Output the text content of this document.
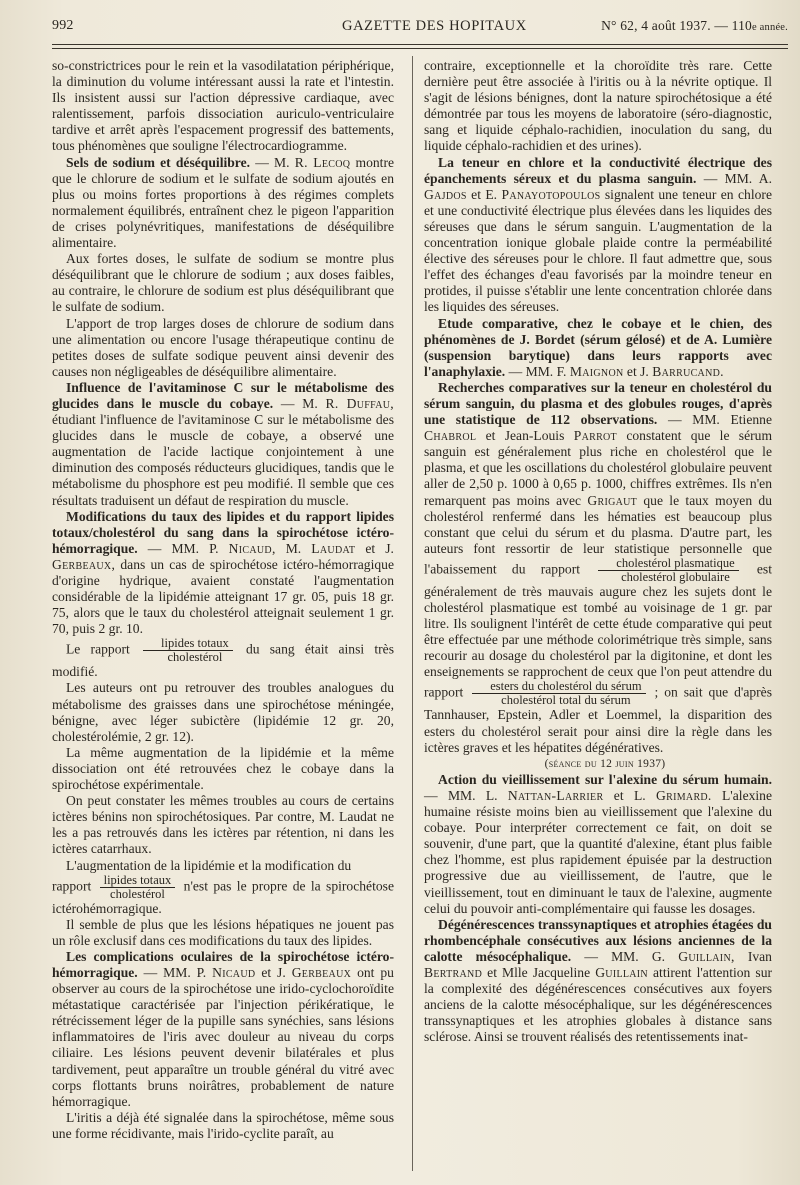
992	GAZETTE DES HOPITAUX	N° 62, 4 août 1937. — 110e année.

so-constrictrices pour le rein et la vasodilatation périphérique, la diminution du volume intéressant aussi la rate et l'intestin. Ils insistent aussi sur l'action dépressive cardiaque, avec ralentissement, parfois dissociation auriculo-ventriculaire tardive et arrêt après l'espacement progressif des battements, tous phénomènes que souligne l'électrocardiogramme.

Sels de sodium et déséquilibre. — M. R. Lecoq montre que le chlorure de sodium et le sulfate de sodium ajoutés en plus ou moins fortes proportions à des régimes complets normalement équilibrés, entraînent chez le pigeon l'apparition de crises polynévritiques, manifestations de déséquilibre alimentaire.

Aux fortes doses, le sulfate de sodium se montre plus déséquilibrant que le chlorure de sodium ; aux doses faibles, au contraire, le chlorure de sodium est plus déséquilibrant que le sulfate de sodium.

L'apport de trop larges doses de chlorure de sodium dans une alimentation ou encore l'usage thérapeutique continu de petites doses de sulfate sodique peuvent ainsi devenir des causes non négligeables de déséquilibre alimentaire.

Influence de l'avitaminose C sur le métabolisme des glucides dans le muscle du cobaye. — M. R. Duffau, étudiant l'influence de l'avitaminose C sur le métabolisme des glucides dans le muscle de cobaye, a observé une augmentation de l'acide lactique conjointement à une diminution des composés réducteurs glucidiques, tandis que le métabolisme du phosphore est peu modifié. Il semble que ces résultats traduisent un défaut de respiration du muscle.

Modifications du taux des lipides et du rapport lipides totaux/cholestérol du sang dans la spirochétose ictéro-hémorragique. — MM. P. Nicaud, M. Laudat et J. Gerbeaux, dans un cas de spirochétose ictéro-hémorragique d'origine hydrique, avaient constaté l'augmentation considérable de la lipidémie atteignant 17 gr. 05, puis 18 gr. 75, alors que le taux du cholestérol atteignait seulement 1 gr. 70, puis 2 gr. 10.

Le rapport $\frac{\text{lipides totaux}}{\text{cholestérol}}$ du sang était ainsi très modifié.

Les auteurs ont pu retrouver des troubles analogues du métabolisme des graisses dans une spirochétose méningée, bénigne, avec léger subictère (lipidémie 12 gr. 20, cholestérolémie, 2 gr. 12).

La même augmentation de la lipidémie et la même dissociation ont été retrouvées chez le cobaye dans la spirochétose expérimentale.

On peut constater les mêmes troubles au cours de certains ictères bénins non spirochétosiques. Par contre, M. Laudat ne les a pas retrouvés dans les ictères par rétention, ni dans les ictères catarrhaux.

L'augmentation de la lipidémie et la modification du

rapport $\frac{\text{lipides totaux}}{\text{cholestérol}} n'est$ pas le propre de la spirochétose ictérohémorragique.

Il semble de plus que les lésions hépatiques ne jouent pas un rôle exclusif dans ces modifications du taux des lipides.

Les complications oculaires de la spirochétose ictéro-hémorragique. — MM. P. Nicaud et J. Gerbeaux ont pu observer au cours de la spirochétose une irido-cyclochoroïdite métastatique caractérisée par l'injection périkératique, le rétrécissement léger de la pupille sans synéchies, sans lésions inflammatoires de l'iris avec douleur au niveau du corps ciliaire. Les lésions peuvent devenir bilatérales et plus tardivement, peut apparaître un trouble général du vitré avec corps flottants bruns noirâtres, probablement de nature hémorragique.

L'iritis a déjà été signalée dans la spirochétose, même sous une forme récidivante, mais l'irido-cyclite paraît, au

contraire, exceptionnelle et la choroïdite très rare. Cette dernière peut être associée à l'iritis ou à la névrite optique. Il s'agit de lésions bénignes, dont la nature spirochétosique a été démontrée par tous les moyens de laboratoire (séro-diagnostic, sang et liquide céphalo-rachidien, inoculation du sang, du liquide céphalo-rachidien et des urines).

La teneur en chlore et la conductivité électrique des épanchements séreux et du plasma sanguin. — MM. A. Gajdos et E. Panayotopoulos signalent une teneur en chlore et une conductivité électrique plus élevées dans les liquides des séreuses que dans le sérum sanguin. L'augmentation de la concentration ionique globale plaide contre la perméabilité élective des séreuses pour le chlore. Il faut admettre que, sous l'effet des échanges d'eau favorisés par la moindre teneur en protides, il puisse s'établir une lente concentration chlorée dans les liquides des séreuses.

Etude comparative, chez le cobaye et le chien, des phénomènes de J. Bordet (sérum gélosé) et de A. Lumière (suspension barytique) dans leurs rapports avec l'anaphylaxie. — MM. F. Maignon et J. Barrucand.

Recherches comparatives sur la teneur en cholestérol du sérum sanguin, du plasma et des globules rouges, d'après une statistique de 112 observations. — MM. Etienne Chabrol et Jean-Louis Parrot constatent que le sérum sanguin est généralement plus riche en cholestérol que le plasma, et que les oscillations du cholestérol globulaire peuvent aller de 2,50 p. 1000 à 0,65 p. 1000, chiffres extrêmes. Ils n'en remarquent pas moins avec Grigaut que le taux moyen du cholestérol renfermé dans les hématies est beaucoup plus constant que celui du sérum et du plasma. D'autre part, les auteurs font ressortir de leur statistique personnelle que l'abaissement du rapport $\frac{\text{cholestérol plasmatique}}{\text{cholestérol globulaire}}$ est généralement de très mauvais augure chez les sujets dont le cholestérol plasmatique est tombé au voisinage de 1 gr. par litre. Ils soulignent l'intérêt de cette étude comparative qui peut être effectuée par une méthode colorimétrique très simple, sans recourir au dosage du cholestérol par la digitonine, et dont les enseignements se rapprochent de ceux que l'on peut attendre du rapport $\frac{\text{esters du cholestérol du sérum}}{\text{cholestérol total du sérum}}$ ; on sait que d'après Tannhauser, Epstein, Adler et Loemmel, la disparition des esters du cholestérol serait pour ainsi dire la règle dans les ictères graves et les hépatites dégénératives.

(séance du 12 juin 1937)

Action du vieillissement sur l'alexine du sérum humain. — MM. L. Nattan-Larrier et L. Grimard. L'alexine humaine résiste moins bien au vieillissement que l'alexine du cobaye. Pour interpréter correctement ce fait, on doit se souvenir, d'une part, que la quantité d'alexine, étant plus faible chez l'homme, est plus rapidement épuisée par la destruction progressive due au vieillissement, de l'autre, que le vieillissement, tout en diminuant le taux de l'alexine, augmente celui du pouvoir anti-complémentaire qui fausse les dosages.

Dégénérescences transsynaptiques et atrophies étagées du rhombencéphale consécutives aux lésions anciennes de la calotte mésocéphalique. — MM. G. Guillain, Ivan Bertrand et Mlle Jacqueline Guillain attirent l'attention sur la complexité des dégénérescences consécutives aux foyers anciens de la calotte mésocéphalique, sur les dégénérescences transsynaptiques et les atrophies globales à distance sans sclérose. Ainsi se trouvent réalisés des retentissements inat-
